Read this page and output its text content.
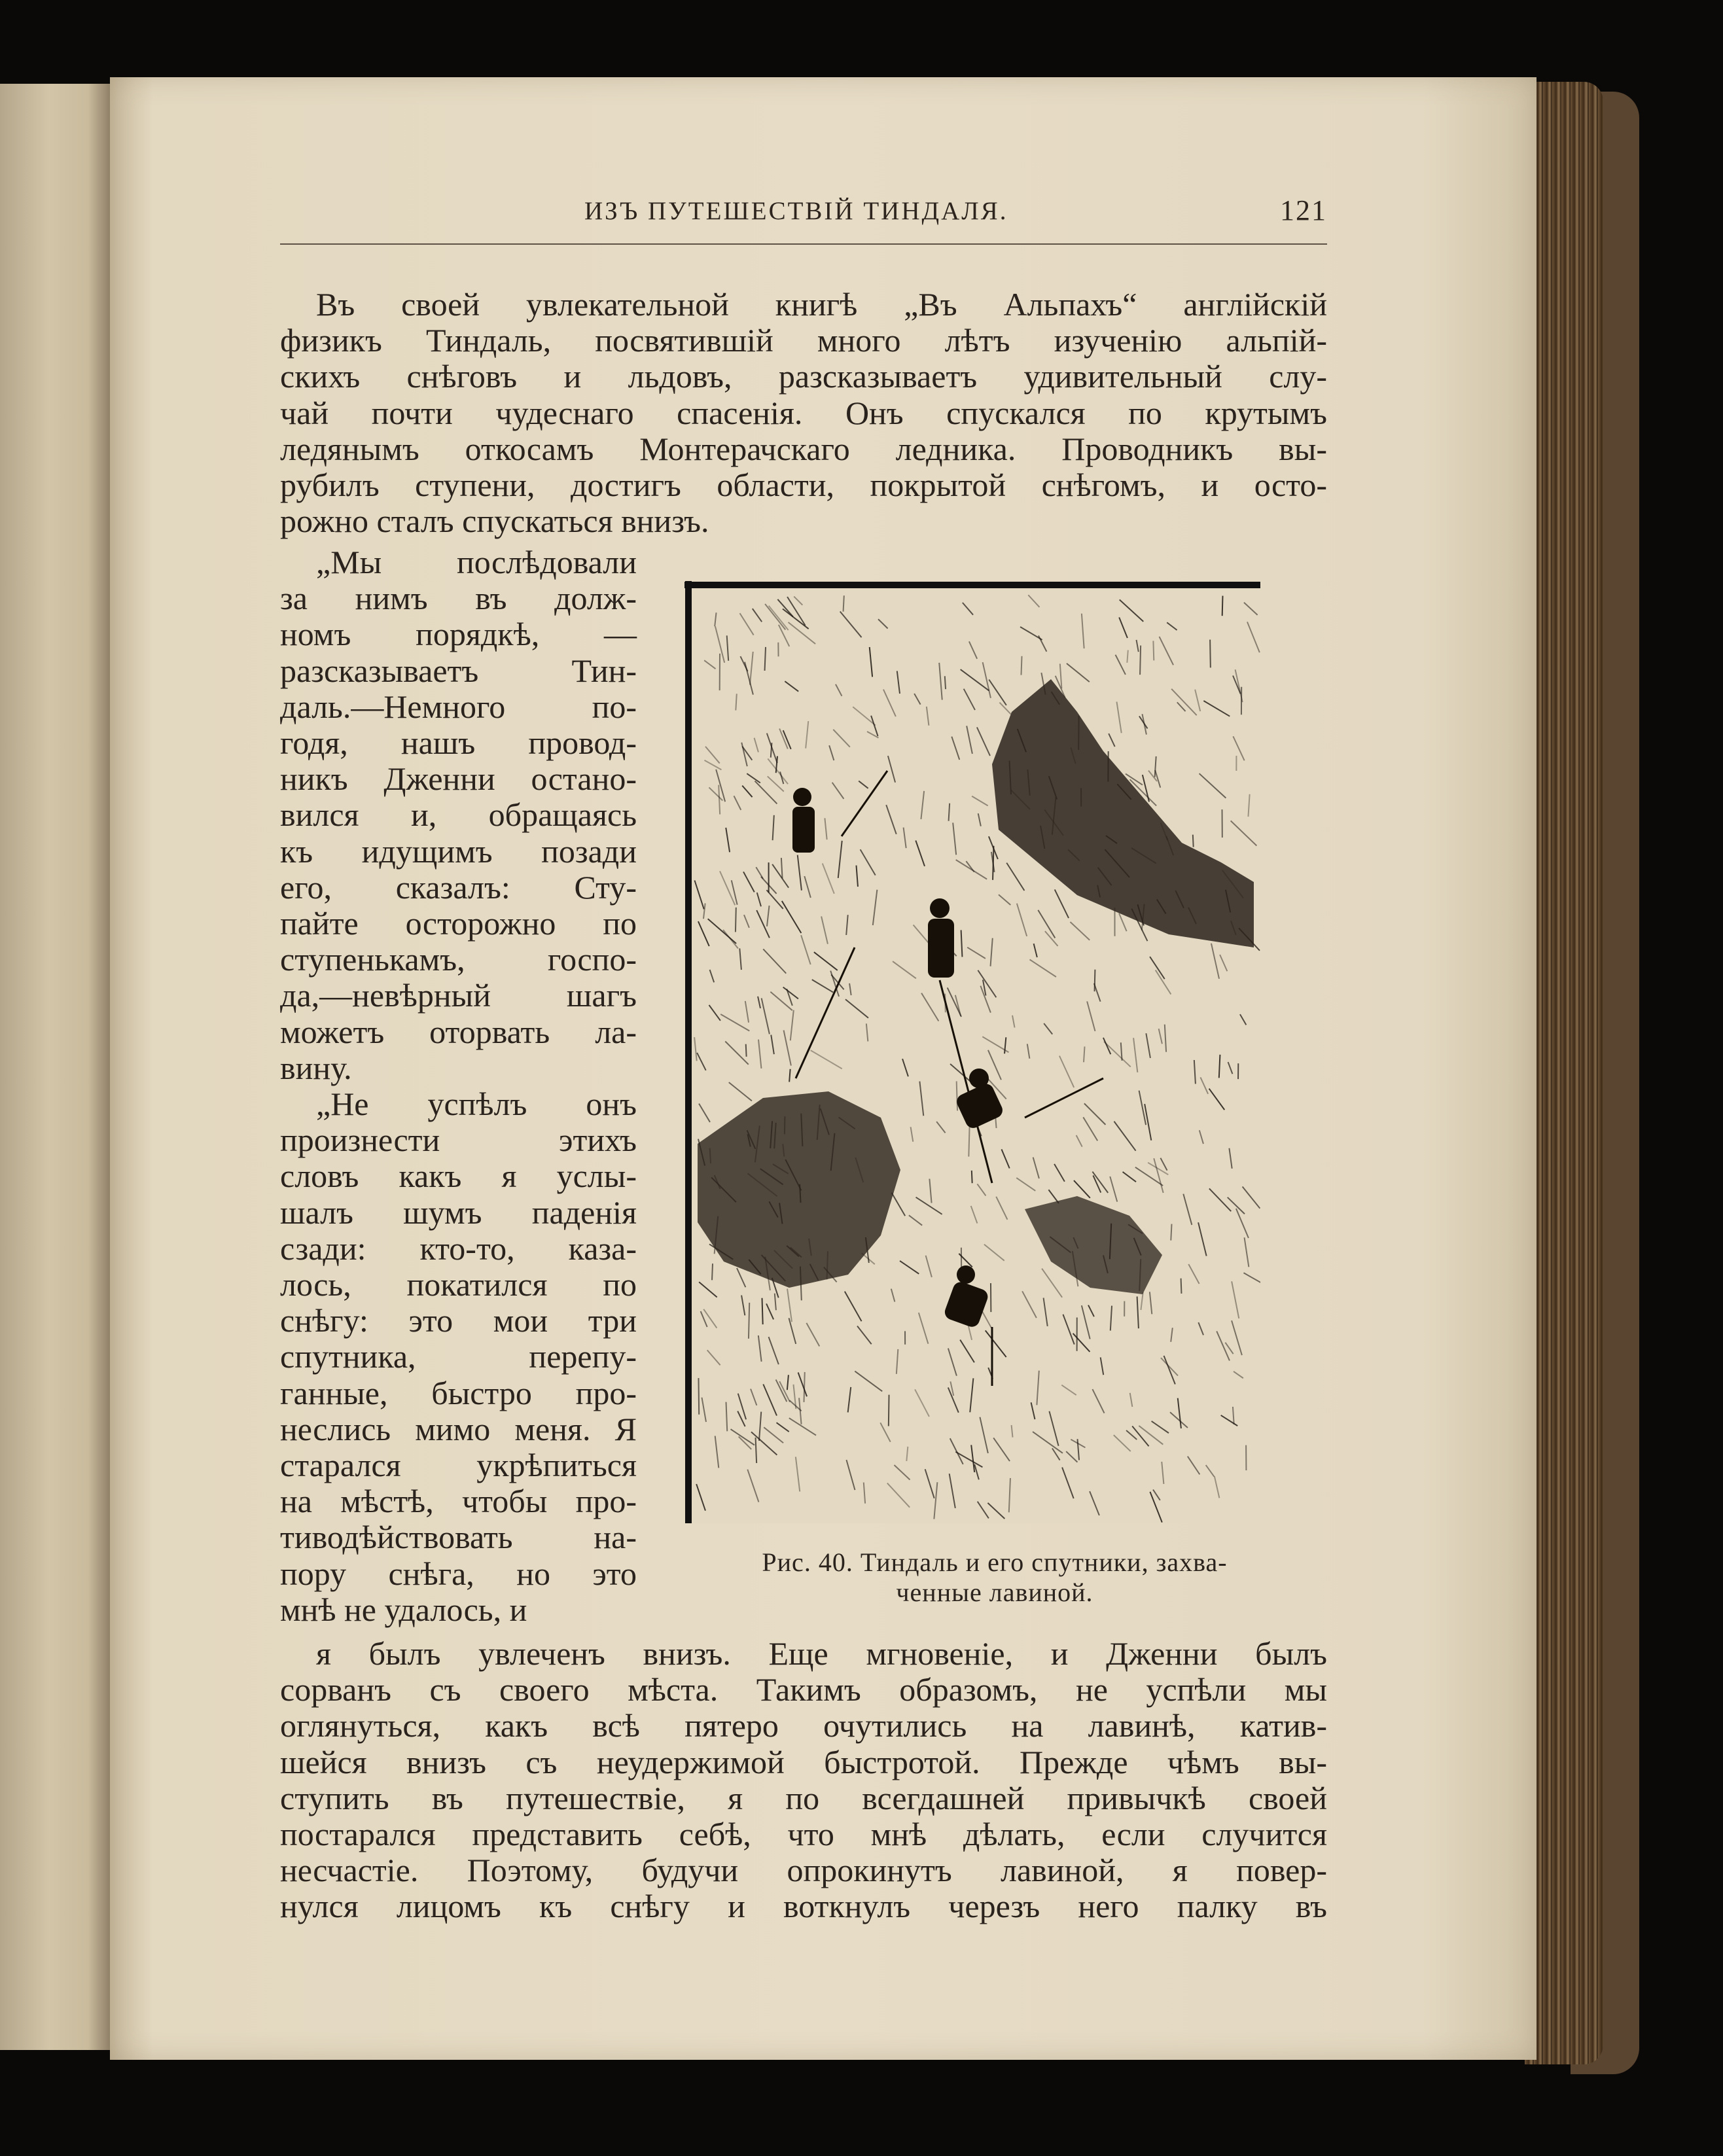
ИЗЪ ПУТЕШЕСТВІЙ ТИНДАЛЯ.	121
Въ своей увлекательной книгѣ „Въ Альпахъ“ англійскій
физикъ Тиндаль, посвятившій много лѣтъ изученію альпій-
скихъ снѣговъ и льдовъ, разсказываетъ удивительный слу-
чай почти чудеснаго спасенія. Онъ спускался по крутымъ
ледянымъ откосамъ Монтерачскаго ледника. Проводникъ вы-
рубилъ ступени, достигъ области, покрытой снѣгомъ, и осто-
рожно сталъ спускаться внизъ.
„Мы послѣдовали
за нимъ въ долж-
номъ порядкѣ, —
разсказываетъ Тин-
даль.—Немного по-
годя, нашъ провод-
никъ Дженни остано-
вился и, обращаясь
къ идущимъ позади
его, сказалъ: Сту-
пайте осторожно по
ступенькамъ, госпо-
да,—невѣрный шагъ
можетъ оторвать ла-
вину.
„Не успѣлъ онъ
произнести этихъ
словъ какъ я услы-
шалъ шумъ паденія
сзади: кто-то, каза-
лось, покатился по
снѣгу: это мои три
спутника, перепу-
ганные, быстро про-
неслись мимо меня. Я
старался укрѣпиться
на мѣстѣ, чтобы про-
тиводѣйствовать на-
пору снѣга, но это
мнѣ не удалось, и
я былъ увлеченъ внизъ. Еще мгновеніе, и Дженни былъ
сорванъ съ своего мѣста. Такимъ образомъ, не успѣли мы
оглянуться, какъ всѣ пятеро очутились на лавинѣ, катив-
шейся внизъ съ неудержимой быстротой. Прежде чѣмъ вы-
ступить въ путешествіе, я по всегдашней привычкѣ своей
постарался представить себѣ, что мнѣ дѣлать, если случится
несчастіе. Поэтому, будучи опрокинутъ лавиной, я повер-
нулся лицомъ къ снѣгу и воткнулъ черезъ него палку въ
Рис. 40. Тиндаль и его спутники, захва-
ченные лавиной.
